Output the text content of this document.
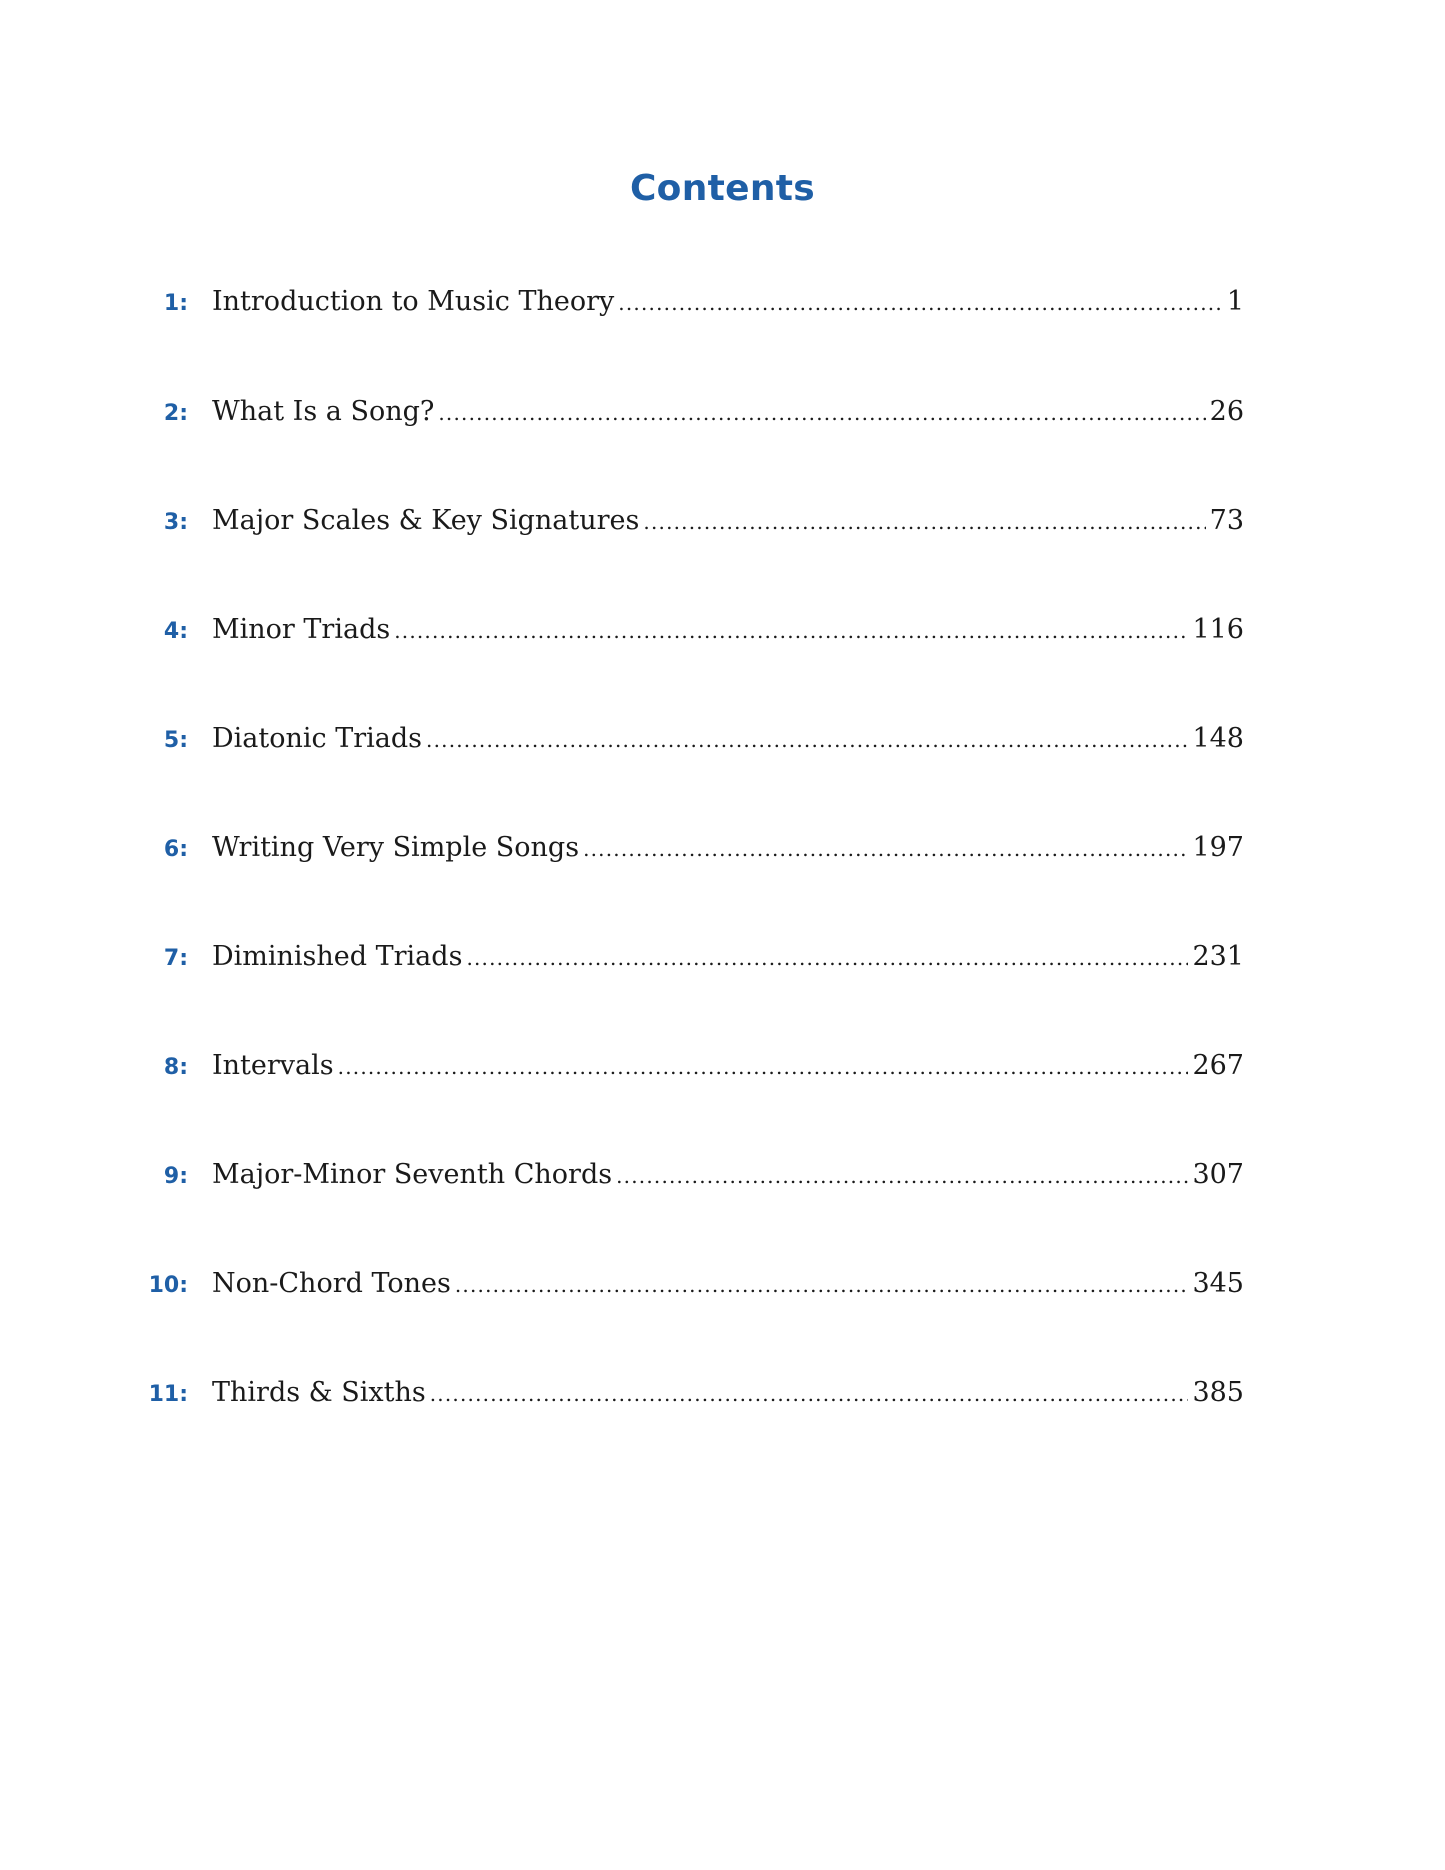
Contents
1: Introduction to Music Theory .....	1
2: What Is a Song? .....	26
3: Major Scales & Key Signatures .....	73
4: Minor Triads .....	116
5: Diatonic Triads .....	148
6: Writing Very Simple Songs .....	197
7: Diminished Triads .....	231
8: Intervals .....	267
9: Major-Minor Seventh Chords .....	307
10: Non-Chord Tones .....	345
11: Thirds & Sixths .....	385
